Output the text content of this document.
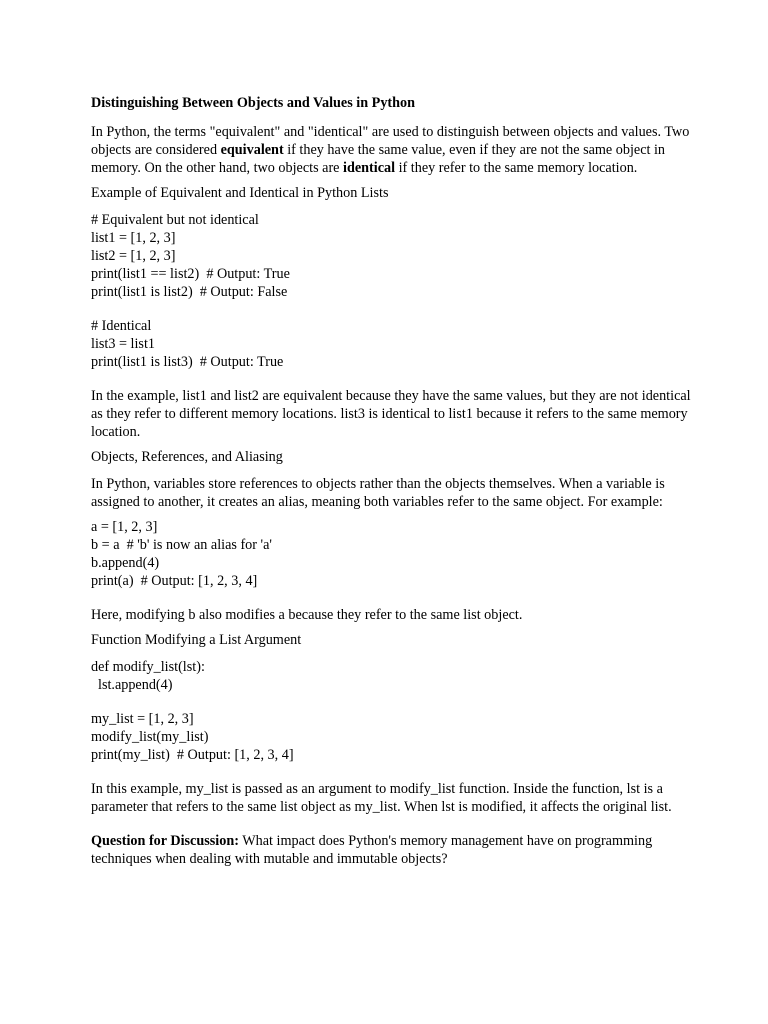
Distinguishing Between Objects and Values in Python

In Python, the terms "equivalent" and "identical" are used to distinguish between objects and values. Two objects are considered equivalent if they have the same value, even if they are not the same object in memory. On the other hand, two objects are identical if they refer to the same memory location.

Example of Equivalent and Identical in Python Lists

# Equivalent but not identical
list1 = [1, 2, 3]
list2 = [1, 2, 3]
print(list1 == list2)  # Output: True
print(list1 is list2)  # Output: False
# Identical
list3 = list1
print(list1 is list3)  # Output: True

In the example, list1 and list2 are equivalent because they have the same values, but they are not identical as they refer to different memory locations. list3 is identical to list1 because it refers to the same memory location.

Objects, References, and Aliasing

In Python, variables store references to objects rather than the objects themselves. When a variable is assigned to another, it creates an alias, meaning both variables refer to the same object. For example:

a = [1, 2, 3]
b = a  # 'b' is now an alias for 'a'
b.append(4)
print(a)  # Output: [1, 2, 3, 4]

Here, modifying b also modifies a because they refer to the same list object.

Function Modifying a List Argument

def modify_list(lst):
lst.append(4)
my_list = [1, 2, 3]
modify_list(my_list)
print(my_list)  # Output: [1, 2, 3, 4]

In this example, my_list is passed as an argument to modify_list function. Inside the function, lst is a parameter that refers to the same list object as my_list. When lst is modified, it affects the original list.

Question for Discussion: What impact does Python's memory management have on programming techniques when dealing with mutable and immutable objects?
